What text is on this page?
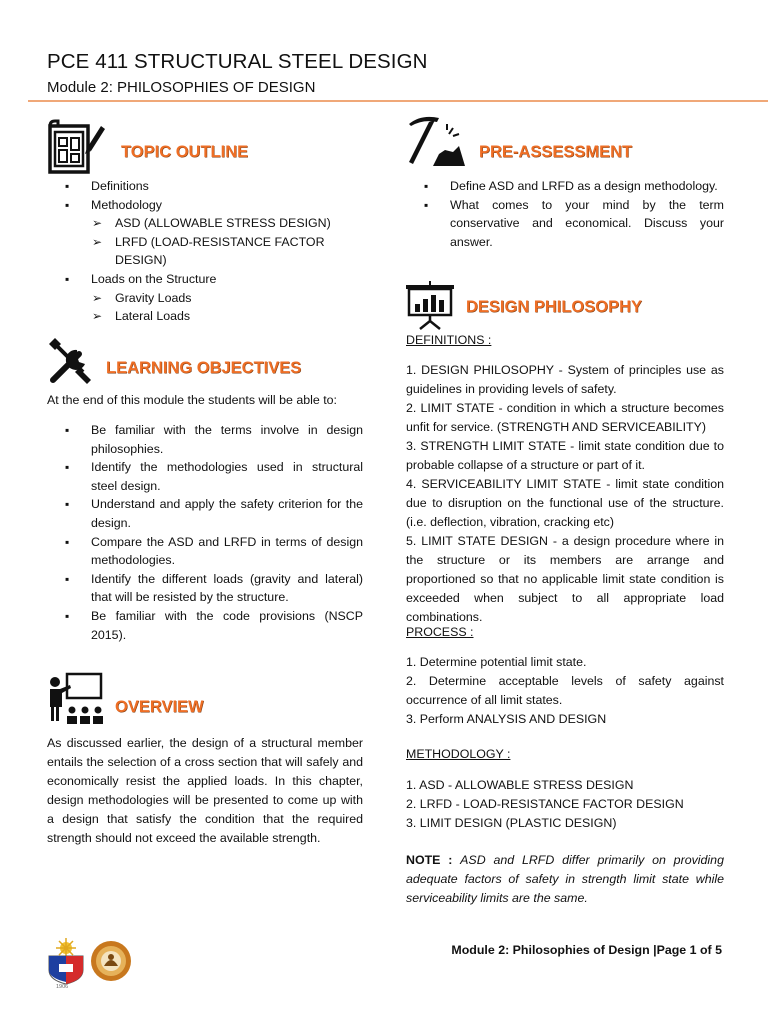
PCE 411 STRUCTURAL STEEL DESIGN
Module 2: PHILOSOPHIES OF DESIGN
TOPIC OUTLINE
▪ Definitions
▪ Methodology
➢ ASD (ALLOWABLE STRESS DESIGN)
➢ LRFD (LOAD-RESISTANCE FACTOR DESIGN)
▪ Loads on the Structure
➢ Gravity Loads
➢ Lateral Loads
LEARNING OBJECTIVES
At the end of this module the students will be able to:
▪ Be familiar with the terms involve in design philosophies.
▪ Identify the methodologies used in structural steel design.
▪ Understand and apply the safety criterion for the design.
▪ Compare the ASD and LRFD in terms of design methodologies.
▪ Identify the different loads (gravity and lateral) that will be resisted by the structure.
▪ Be familiar with the code provisions (NSCP 2015).
OVERVIEW
As discussed earlier, the design of a structural member entails the selection of a cross section that will safely and economically resist the applied loads. In this chapter, design methodologies will be presented to come up with a design that satisfy the condition that the required strength should not exceed the available strength.
PRE-ASSESSMENT
▪ Define ASD and LRFD as a design methodology.
▪ What comes to your mind by the term conservative and economical. Discuss your answer.
DESIGN PHILOSOPHY
DEFINITIONS :
1. DESIGN PHILOSOPHY - System of principles use as guidelines in providing levels of safety.
2. LIMIT STATE - condition in which a structure becomes unfit for service. (STRENGTH AND SERVICEABILITY)
3. STRENGTH LIMIT STATE - limit state condition due to probable collapse of a structure or part of it.
4. SERVICEABILITY LIMIT STATE - limit state condition due to disruption on the functional use of the structure. (i.e. deflection, vibration, cracking etc)
5. LIMIT STATE DESIGN - a design procedure where in the structure or its members are arrange and proportioned so that no applicable limit state condition is exceeded when subject to all appropriate load combinations.
PROCESS :
1. Determine potential limit state.
2. Determine acceptable levels of safety against occurrence of all limit states.
3. Perform ANALYSIS AND DESIGN
METHODOLOGY :
1. ASD - ALLOWABLE STRESS DESIGN
2. LRFD - LOAD-RESISTANCE FACTOR DESIGN
3. LIMIT DESIGN (PLASTIC DESIGN)
NOTE : ASD and LRFD differ primarily on providing adequate factors of safety in strength limit state while serviceability limits are the same.
1906
Module 2: Philosophies of Design |Page 1 of 5
